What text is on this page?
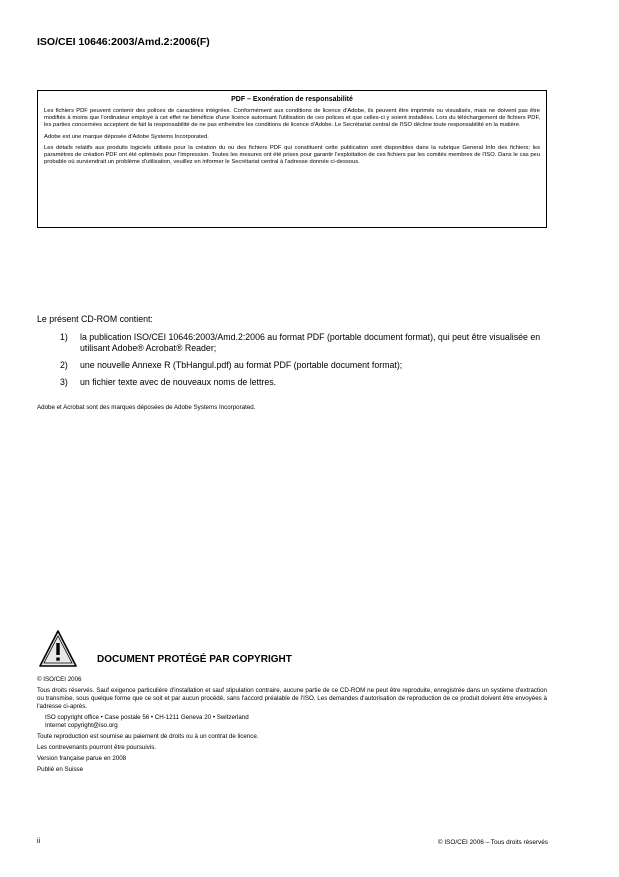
ISO/CEI 10646:2003/Amd.2:2006(F)
PDF – Exonération de responsabilité

Les fichiers PDF peuvent contenir des polices de caractères intégrées. Conformément aux conditions de licence d'Adobe, ils peuvent être imprimés ou visualisés, mais ne doivent pas être modifiés à moins que l'ordinateur employé à cet effet ne bénéficie d'une licence autorisant l'utilisation de ces polices et que celles-ci y soient installées. Lors du téléchargement de fichiers PDF, les parties concernées acceptent de fait la responsabilité de ne pas enfreindre les conditions de licence d'Adobe. Le Secrétariat central de l'ISO décline toute responsabilité en la matière.

Adobe est une marque déposée d'Adobe Systems Incorporated.

Les détails relatifs aux produits logiciels utilisés pour la création du ou des fichiers PDF qui constituent cette publication sont disponibles dans la rubrique General Info des fichiers; les paramètres de création PDF ont été optimisés pour l'impression. Toutes les mesures ont été prises pour garantir l'exploitation de ces fichiers par les comités membres de l'ISO. Dans le cas peu probable où surviendrait un problème d'utilisation, veuillez en informer le Secrétariat central à l'adresse donnée ci-dessous.

Le présent CD-ROM contient:
1)	la publication ISO/CEI 10646:2003/Amd.2:2006 au format PDF (portable document format), qui peut être visualisée en utilisant Adobe® Acrobat® Reader;
2)	une nouvelle Annexe R (TbHangul.pdf) au format PDF (portable document format);
3)	un fichier texte avec de nouveaux noms de lettres.
Adobe et Acrobat sont des marques déposées de Adobe Systems Incorporated.
DOCUMENT PROTÉGÉ PAR COPYRIGHT

© ISO/CEI 2006

Tous droits réservés. Sauf exigence particulière d'installation et sauf stipulation contraire, aucune partie de ce CD-ROM ne peut être reproduite, enregistrée dans un système d'extraction ou transmise, sous quelque forme que ce soit et par aucun procédé, sans l'accord préalable de l'ISO. Les demandes d'autorisation de reproduction de ce produit doivent être envoyées à l'adresse ci-après.

ISO copyright office • Case postale 56 • CH-1211 Geneva 20 • Switzerland
Internet copyright@iso.org

Toute reproduction est soumise au paiement de droits ou à un contrat de licence.

Les contrevenants pourront être poursuivis.

Version française parue en 2008

Publié en Suisse

ii	© ISO/CEI 2006 – Tous droits réservés
